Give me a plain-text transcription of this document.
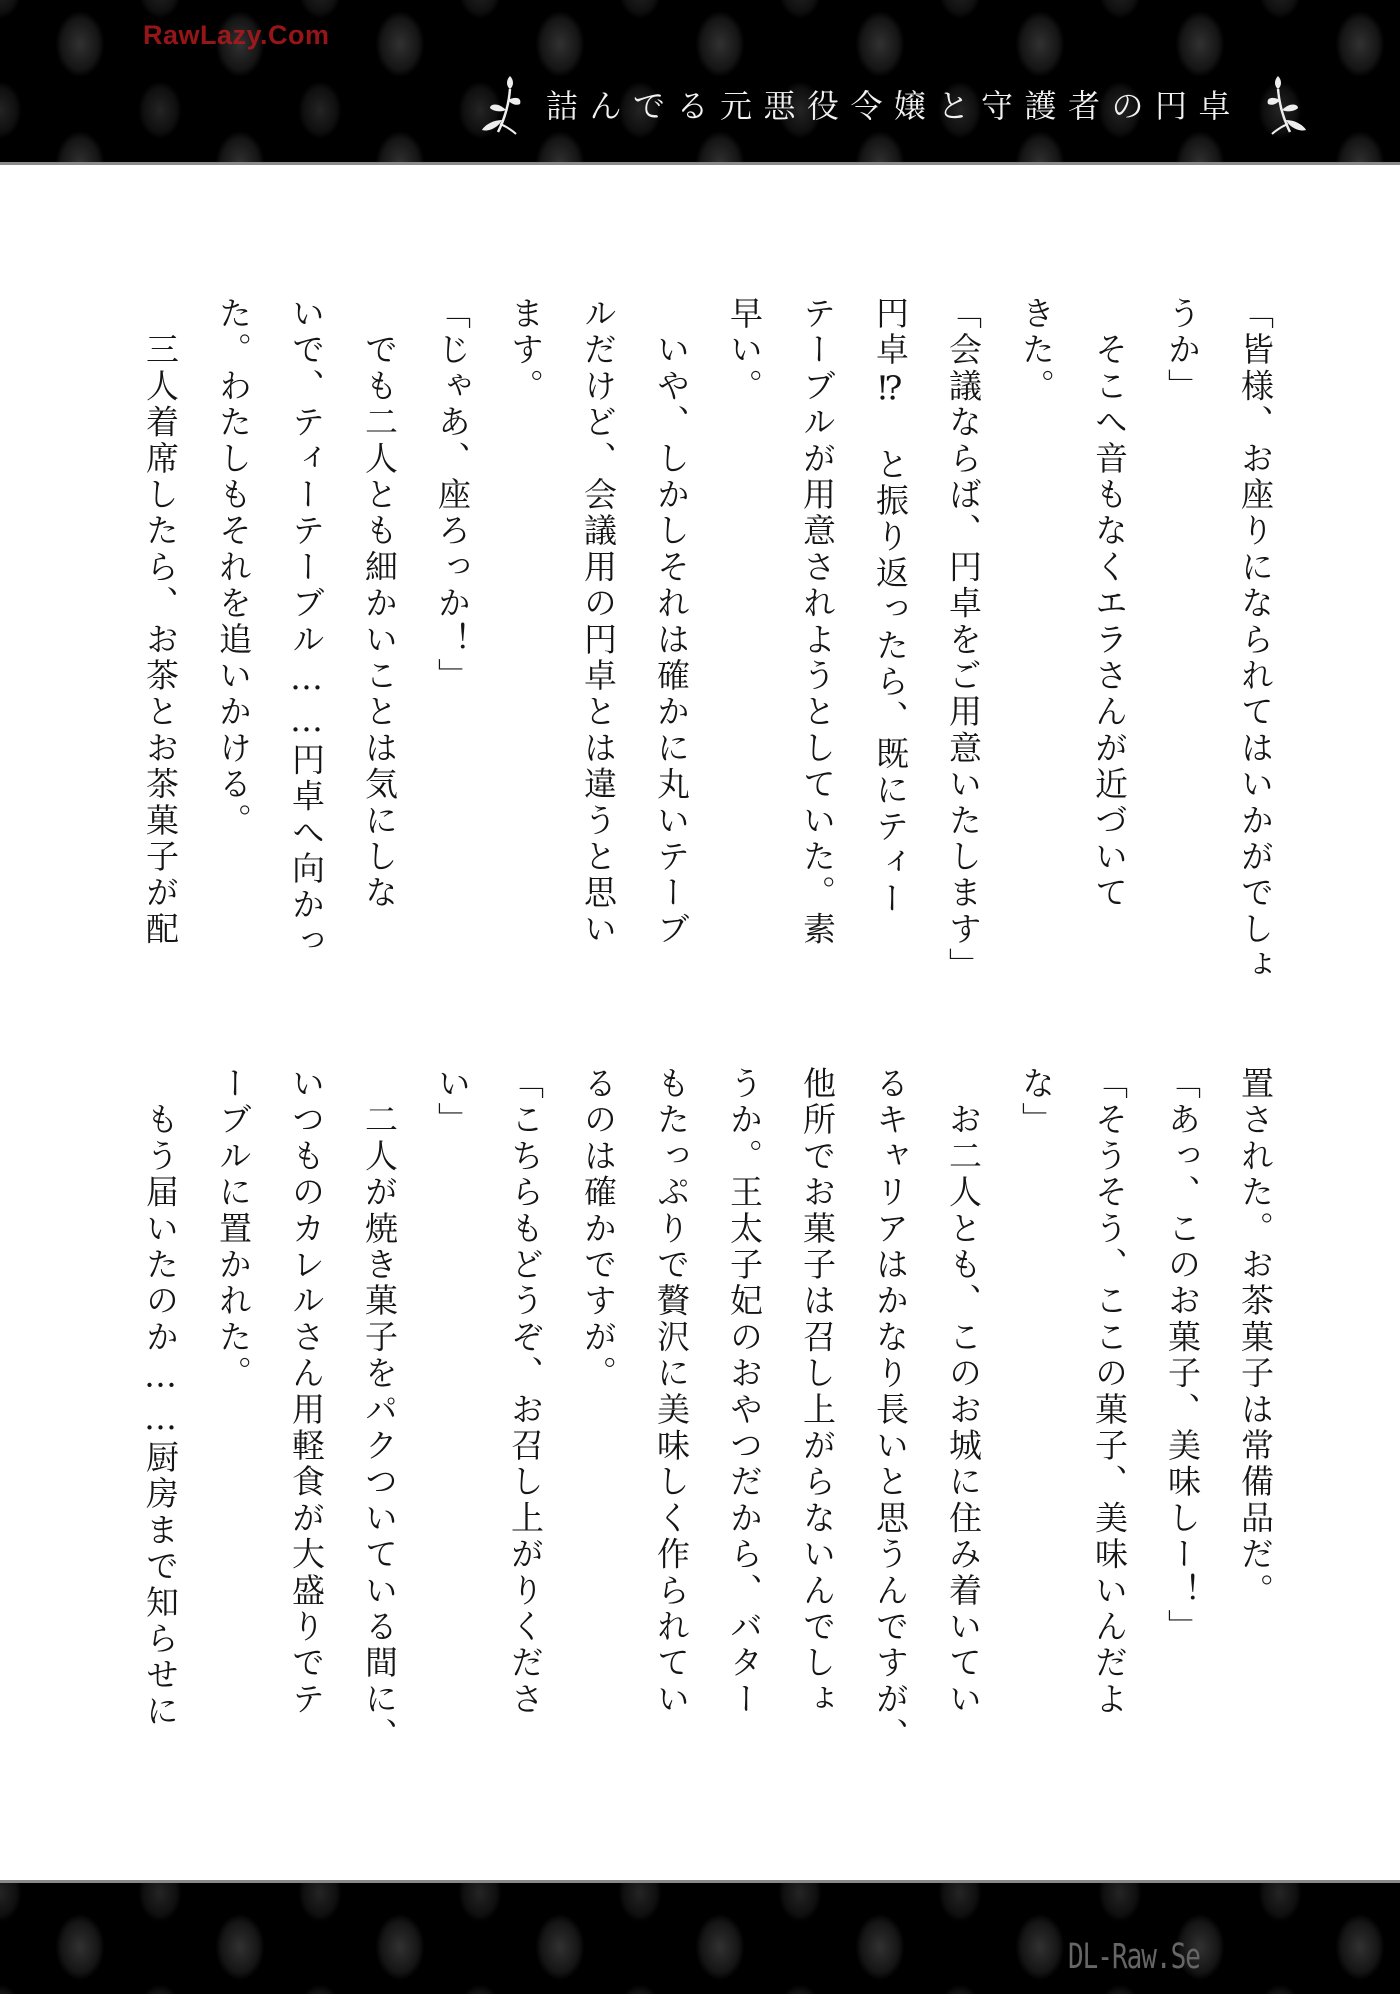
RawLazy.Com
詰んでる元悪役令嬢と守護者の円卓
「皆様、お座りになられてはいかがでしょ
うか」
　そこへ音もなくエラさんが近づいて
きた。
「会議ならば、円卓をご用意いたします」
円卓⁉　と振り返ったら、既にティー
テーブルが用意されようとしていた。素
早い。
　いや、しかしそれは確かに丸いテーブ
ルだけど、会議用の円卓とは違うと思い
ます。
「じゃあ、座ろっか！」
　でも二人とも細かいことは気にしな
いで、ティーテーブル……円卓へ向かっ
た。わたしもそれを追いかける。
　三人着席したら、お茶とお茶菓子が配
置された。お茶菓子は常備品だ。
「あっ、このお菓子、美味しー！」
「そうそう、ここの菓子、美味いんだよ
な」
　お二人とも、このお城に住み着いてい
るキャリアはかなり長いと思うんですが、
他所でお菓子は召し上がらないんでしょ
うか。王太子妃のおやつだから、バター
もたっぷりで贅沢に美味しく作られてい
るのは確かですが。
「こちらもどうぞ、お召し上がりくださ
い」
　二人が焼き菓子をパクついている間に、
いつものカレルさん用軽食が大盛りでテ
ーブルに置かれた。
　もう届いたのか……厨房まで知らせに
DL-Raw.Se
